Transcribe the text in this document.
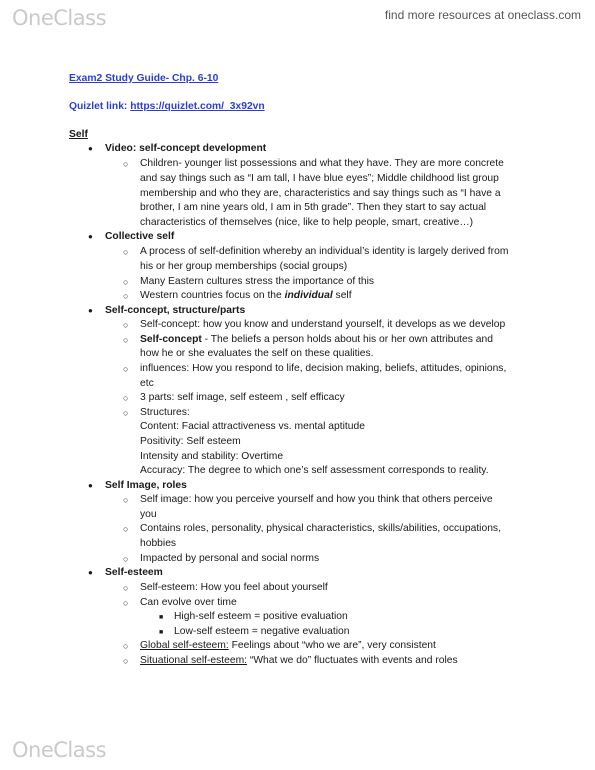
OneClass	find more resources at oneclass.com
Exam2 Study Guide- Chp. 6-10
Quizlet link: https://quizlet.com/_3x92vn
Self
● Video: self-concept development
○ Children- younger list possessions and what they have. They are more concrete
and say things such as “I am tall, I have blue eyes”; Middle childhood list group
membership and who they are, characteristics and say things such as “I have a
brother, I am nine years old, I am in 5th grade”. Then they start to say actual
characteristics of themselves (nice, like to help people, smart, creative…)
● Collective self
○ A process of self-definition whereby an individual’s identity is largely derived from
his or her group memberships (social groups)
○ Many Eastern cultures stress the importance of this
○ Western countries focus on the individual self
● Self-concept, structure/parts
○ Self-concept: how you know and understand yourself, it develops as we develop
○ Self-concept - The beliefs a person holds about his or her own attributes and
how he or she evaluates the self on these qualities.
○ influences: How you respond to life, decision making, beliefs, attitudes, opinions,
etc
○ 3 parts: self image, self esteem , self efficacy
○ Structures:
Content: Facial attractiveness vs. mental aptitude
Positivity: Self esteem
Intensity and stability: Overtime
Accuracy: The degree to which one’s self assessment corresponds to reality.
● Self Image, roles
○ Self image: how you perceive yourself and how you think that others perceive
you
○ Contains roles, personality, physical characteristics, skills/abilities, occupations,
hobbies
○ Impacted by personal and social norms
● Self-esteem
○ Self-esteem: How you feel about yourself
○ Can evolve over time
■ High-self esteem = positive evaluation
■ Low-self esteem = negative evaluation
○ Global self-esteem: Feelings about “who we are”, very consistent
○ Situational self-esteem: “What we do” fluctuates with events and roles
OneClass
